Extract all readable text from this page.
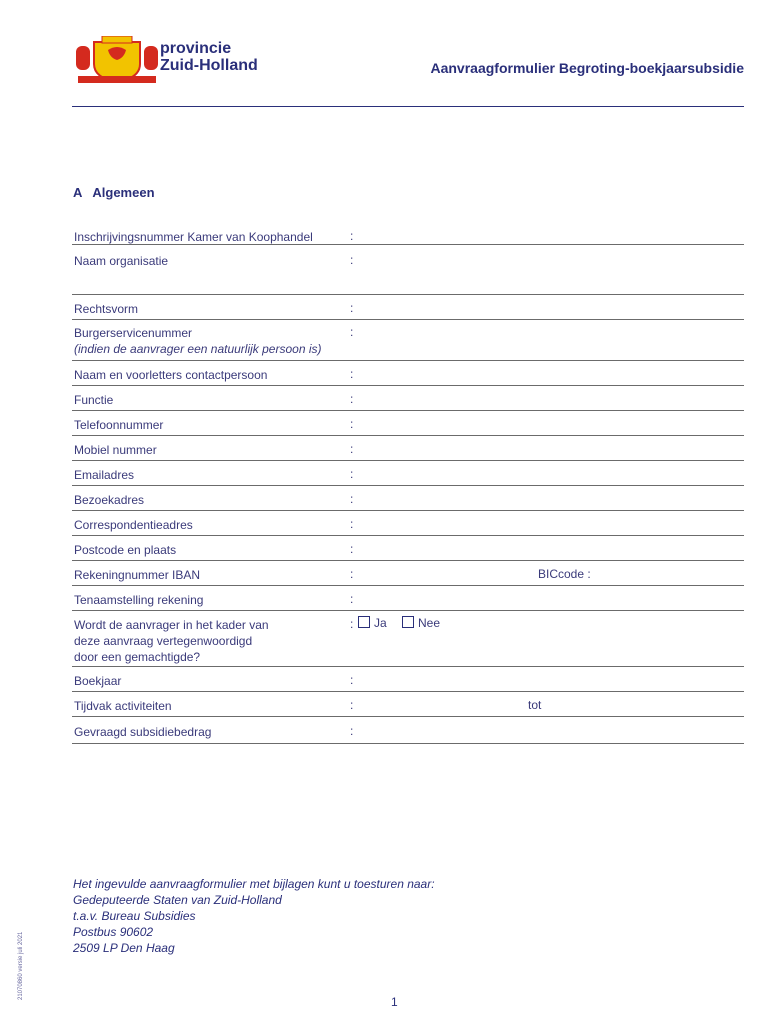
provincie
Zuid-Holland	Aanvraagformulier Begroting-boekjaarsubsidie
A Algemeen
Inschrijvingsnummer Kamer van Koophandel	:
Naam organisatie	:
Rechtsvorm	:
Burgerservicenummer
(indien de aanvrager een natuurlijk persoon is)
:
Naam en voorletters contactpersoon	:
Functie	:
Telefoonnummer	:
Mobiel nummer	:
Emailadres	:
Bezoekadres	:
Correspondentieadres	:
Postcode en plaats	:
Rekeningnummer IBAN	:	BICcode :
Tenaamstelling rekening	:
Wordt de aanvrager in het kader van
deze aanvraag vertegenwoordigd
door een gemachtigde?
:	Ja	Nee
Boekjaar	:
Tijdvak activiteiten	:	tot
Gevraagd subsidiebedrag	:
Het ingevulde aanvraagformulier met bijlagen kunt u toesturen naar:
Gedeputeerde Staten van Zuid-Holland
t.a.v. Bureau Subsidies
Postbus 90602
2509 LP Den Haag
21070860 versie juli 2021
1
